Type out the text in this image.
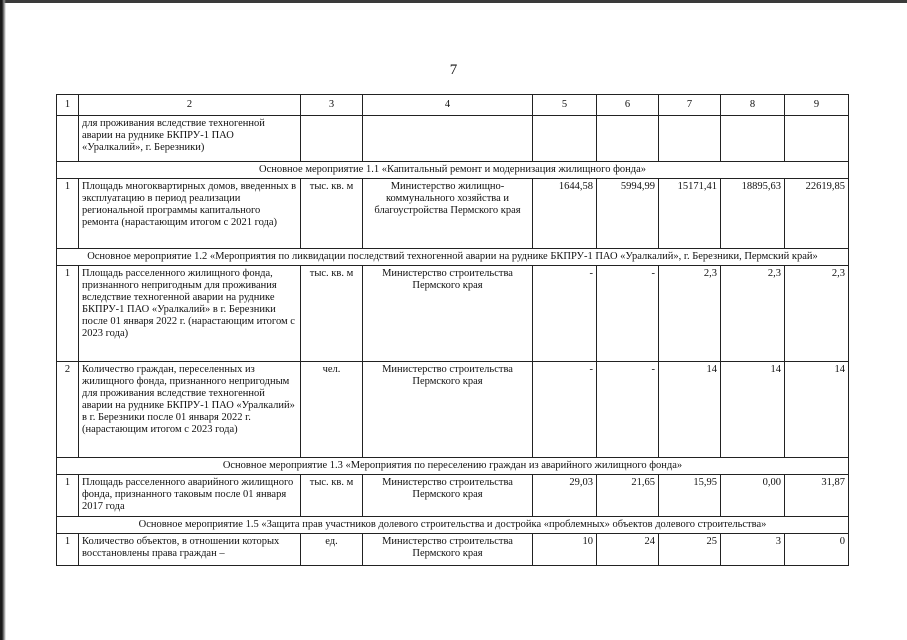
7
1	2	3	4	5	6	7	8	9
	для проживания вследствие техногенной аварии на руднике БКПРУ-1 ПАО «Уралкалий», г. Березники)							
Основное мероприятие 1.1 «Капитальный ремонт и модернизация жилищного фонда»								
1	Площадь многоквартирных домов, введенных в эксплуатацию в период реализации региональной программы капитального ремонта (нарастающим итогом с 2021 года)	тыс. кв. м	Министерство жилищно-коммунального хозяйства и благоустройства Пермского края	1644,58	5994,99	15171,41	18895,63	22619,85
Основное мероприятие 1.2 «Мероприятия по ликвидации последствий техногенной аварии на руднике БКПРУ-1 ПАО «Уралкалий», г. Березники, Пермский край»								
1	Площадь расселенного жилищного фонда, признанного непригодным для проживания вследствие техногенной аварии на руднике БКПРУ-1 ПАО «Уралкалий» в г. Березники после 01 января 2022 г. (нарастающим итогом с 2023 года)	тыс. кв. м	Министерство строительства Пермского края	-	-	2,3	2,3	2,3
2	Количество граждан, переселенных из жилищного фонда, признанного непригодным для проживания вследствие техногенной аварии на руднике БКПРУ-1 ПАО «Уралкалий» в г. Березники после 01 января 2022 г. (нарастающим итогом с 2023 года)	чел.	Министерство строительства Пермского края	-	-	14	14	14
Основное мероприятие 1.3 «Мероприятия по переселению граждан из аварийного жилищного фонда»								
1	Площадь расселенного аварийного жилищного фонда, признанного таковым после 01 января 2017 года	тыс. кв. м	Министерство строительства Пермского края	29,03	21,65	15,95	0,00	31,87
Основное мероприятие 1.5 «Защита прав участников долевого строительства и достройка «проблемных» объектов долевого строительства»								
1	Количество объектов, в отношении которых восстановлены права граждан –	ед.	Министерство строительства Пермского края	10	24	25	3	0
